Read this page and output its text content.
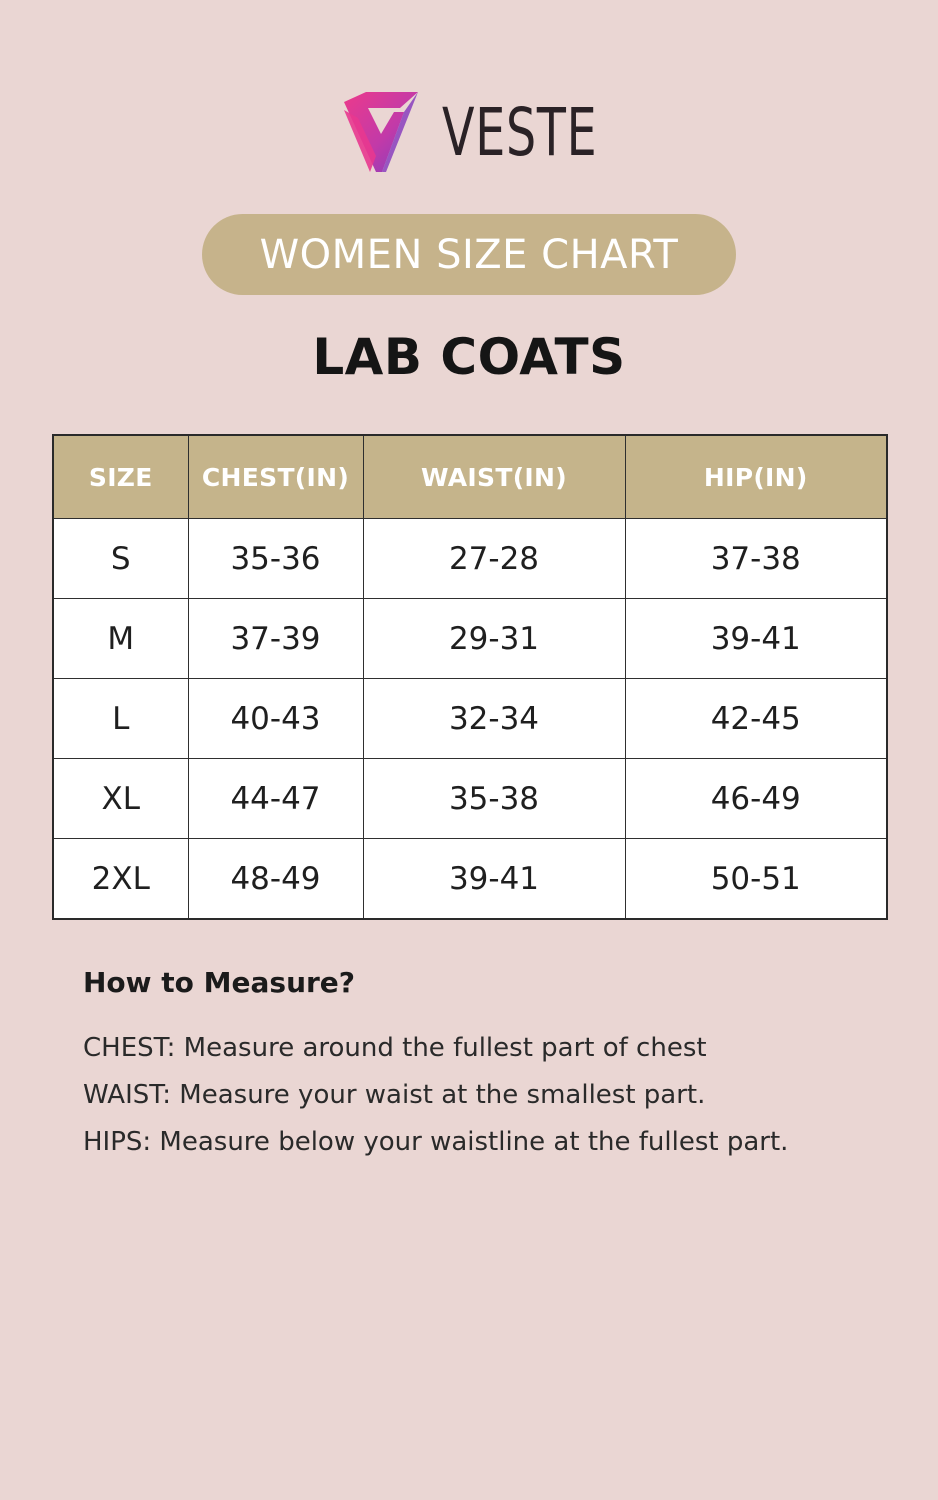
VESTE
WOMEN SIZE CHART
LAB COATS
SIZE	CHEST(IN)	WAIST(IN)	HIP(IN)
S	35-36	27-28	37-38
M	37-39	29-31	39-41
L	40-43	32-34	42-45
XL	44-47	35-38	46-49
2XL	48-49	39-41	50-51
How to Measure?
CHEST: Measure around the fullest part of chest
WAIST: Measure your waist at the smallest part.
HIPS: Measure below your waistline at the fullest part.
